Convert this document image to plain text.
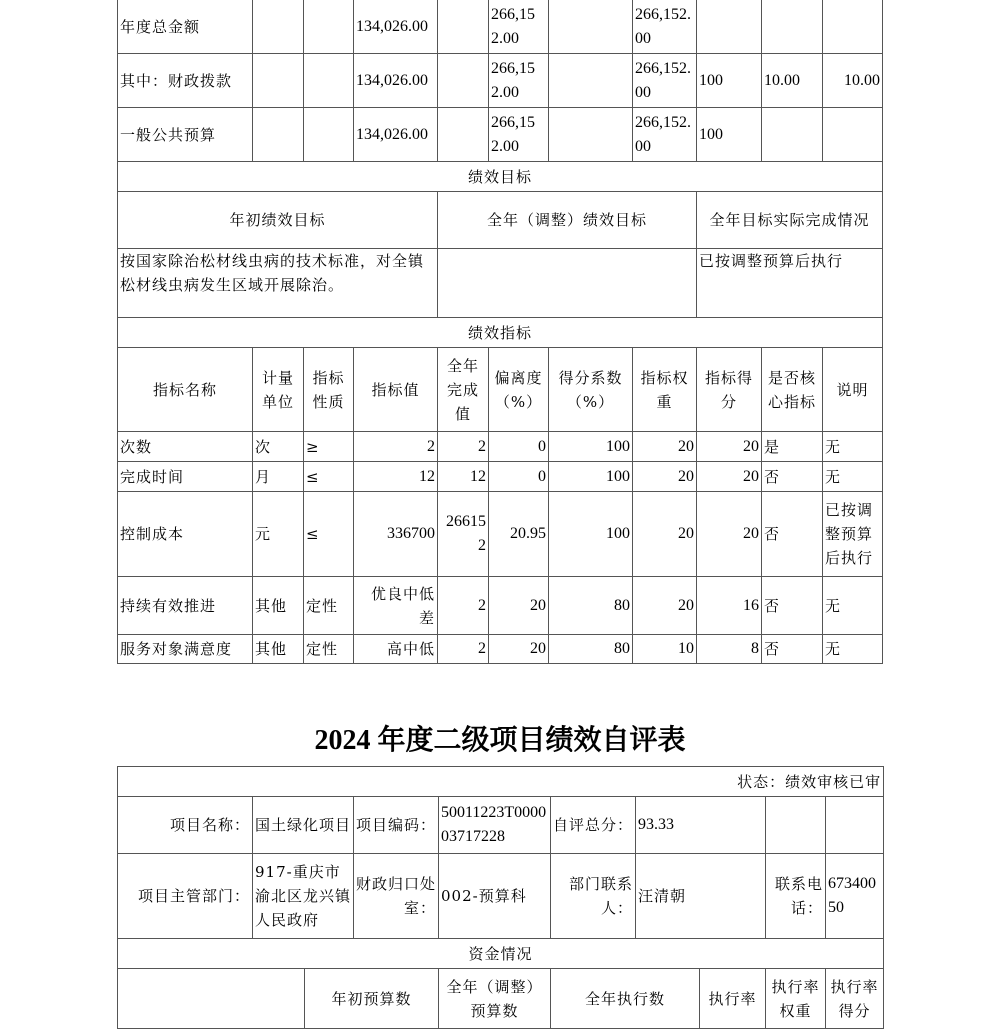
年度总金额			134,026.00		266,152.00		266,152.00			
其中：财政拨款			134,026.00		266,152.00		266,152.00	100	10.00	10.00
一般公共预算			134,026.00		266,152.00		266,152.00	100		
绩效目标										
年初绩效目标				全年（调整）绩效目标				全年目标实际完成情况		
按国家除治松材线虫病的技术标准，对全镇松材线虫病发生区域开展除治。								已按调整预算后执行		
绩效指标										
指标名称	计量单位	指标性质	指标值	全年完成值	偏离度（%）	得分系数（%）	指标权重	指标得分	是否核心指标	说明
次数	次	≥	2	2	0	100	20	20	是	无
完成时间	月	≤	12	12	0	100	20	20	否	无
控制成本	元	≤	336700	266152	20.95	100	20	20	否	已按调整预算后执行
持续有效推进	其他	定性	优良中低差	2	20	80	20	16	否	无
服务对象满意度	其他	定性	高中低	2	20	80	10	8	否	无
2024 年度二级项目绩效自评表
状态：绩效审核已审									
项目名称：	国土绿化项目		项目编码：	50011223T000003717228	自评总分：	93.33			
项目主管部门：	917-重庆市渝北区龙兴镇人民政府		财政归口处室：	002-预算科	部门联系人：	汪清朝		联系电话：	67340050
资金情况									
		年初预算数		全年（调整）预算数	全年执行数		执行率	执行率权重	执行率得分
